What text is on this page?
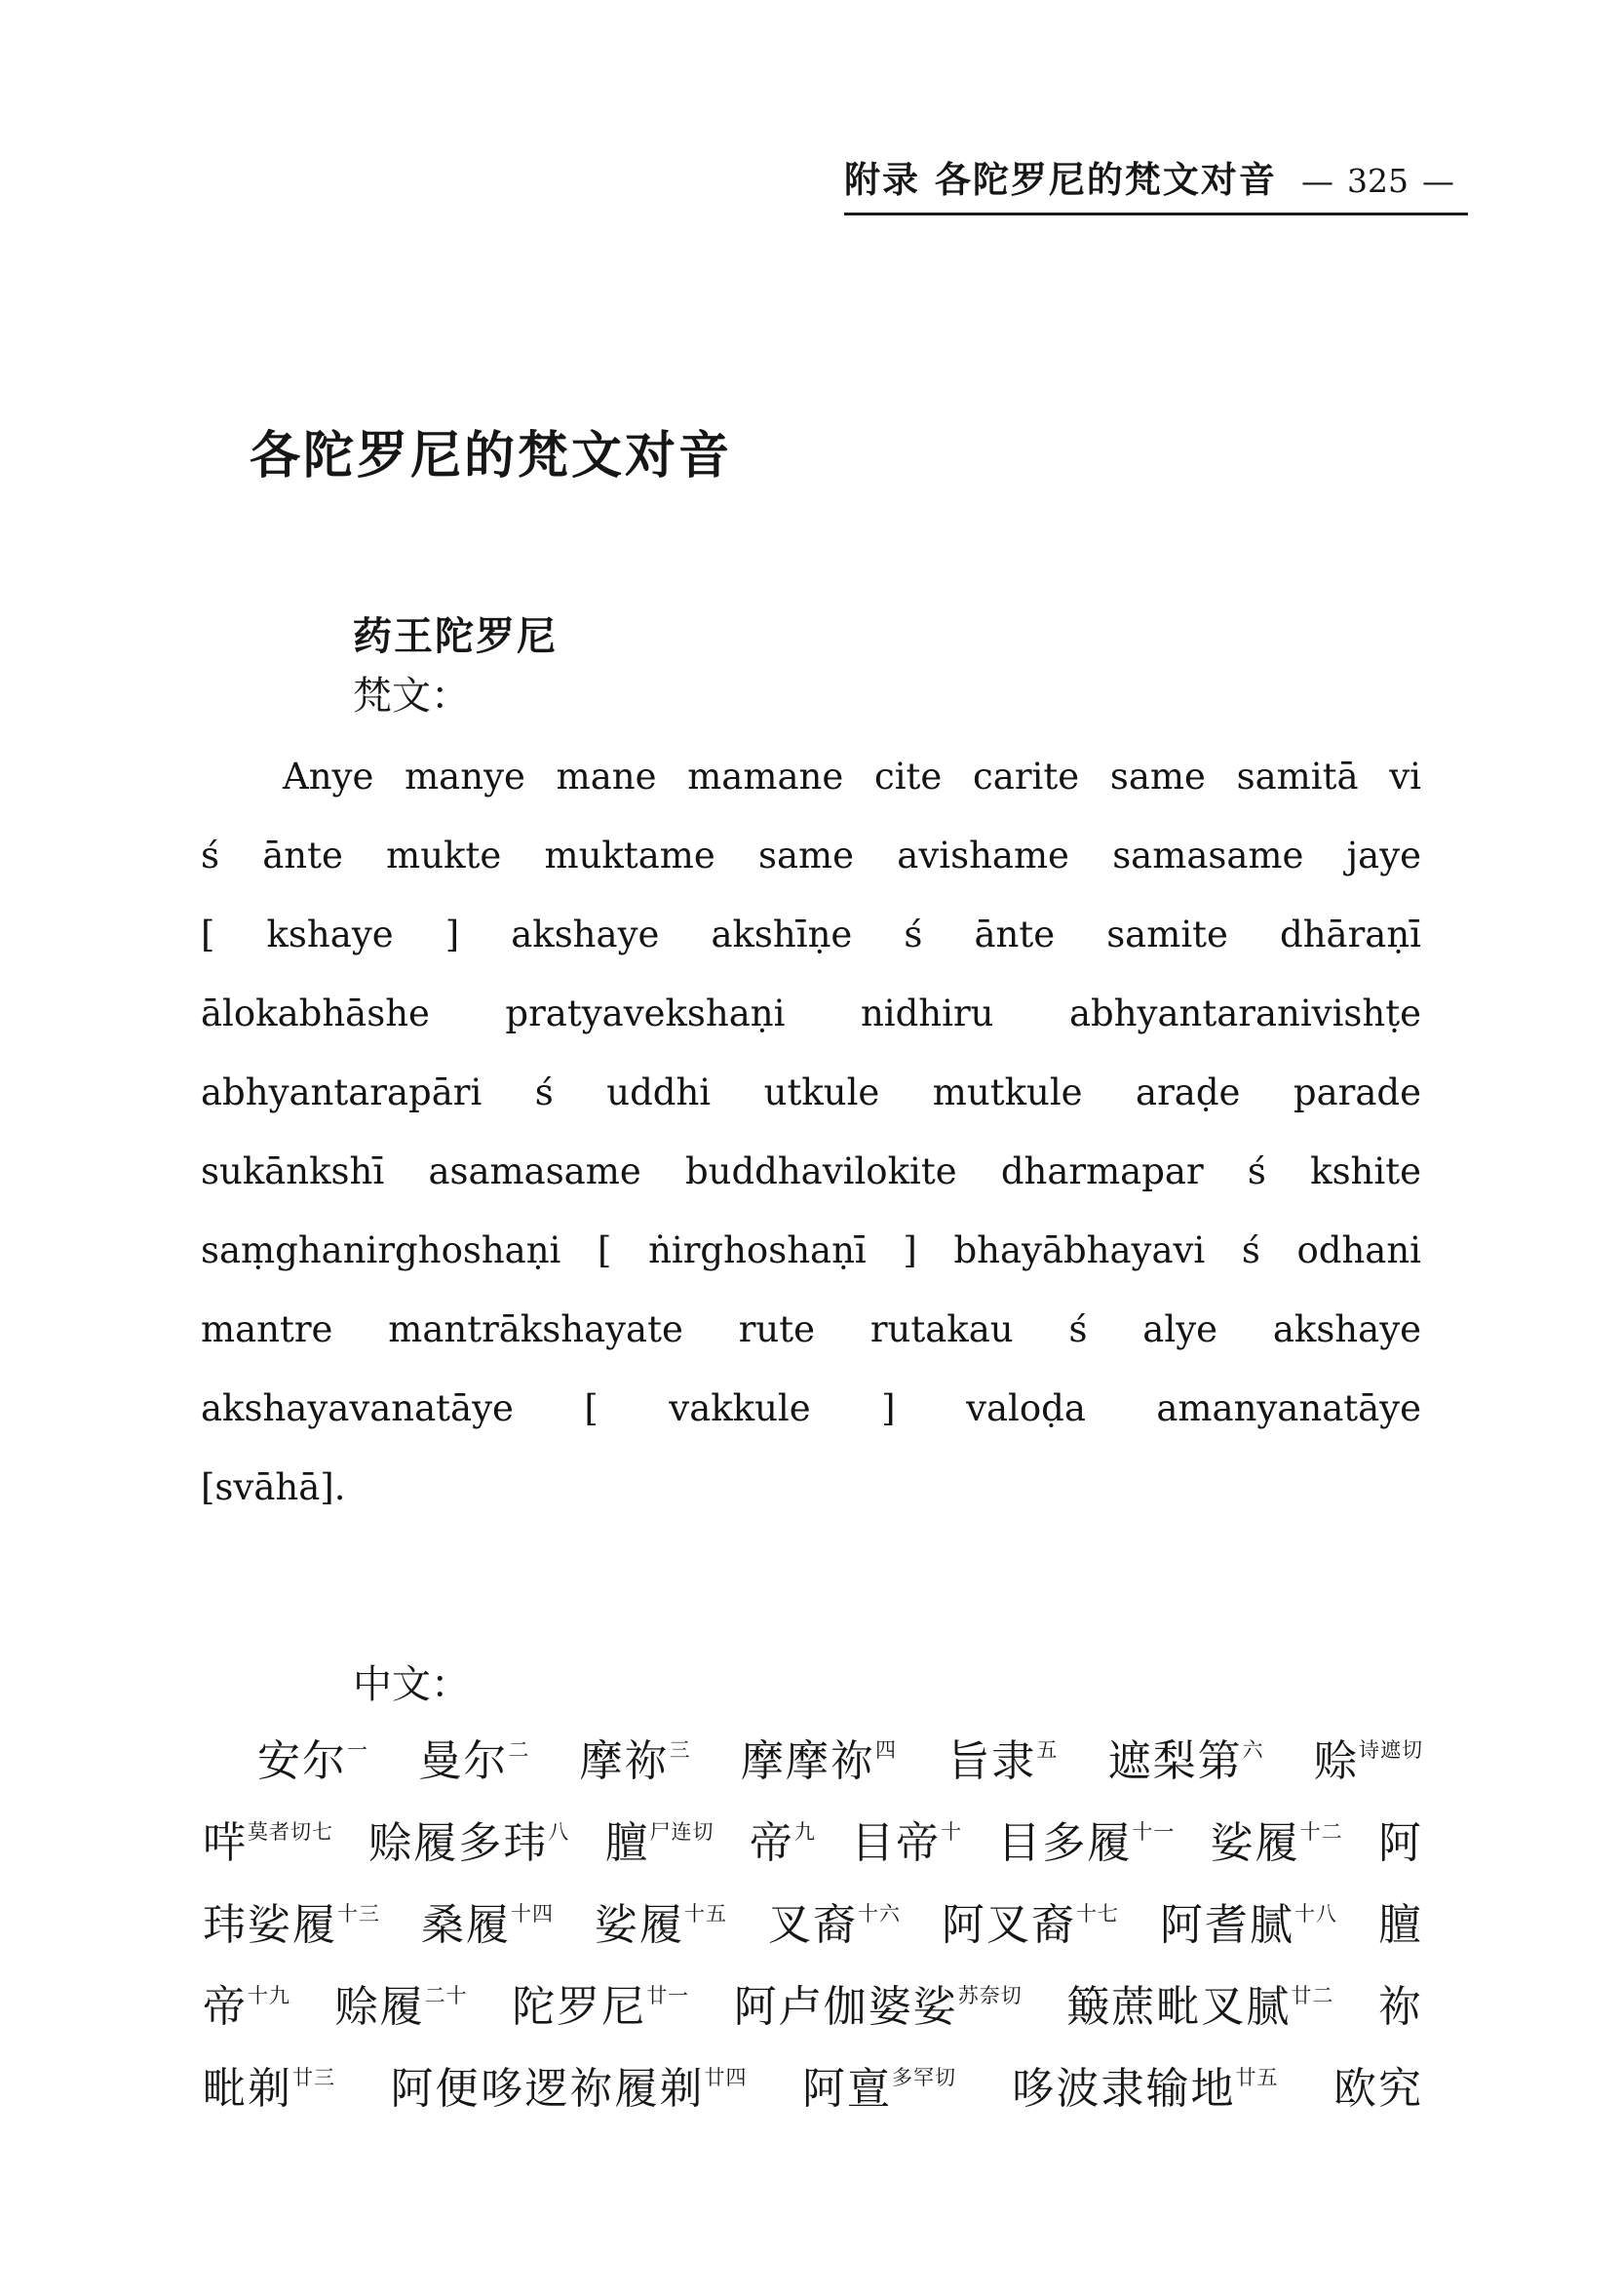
附录 各陀罗尼的梵文对音 — 325 —
各陀罗尼的梵文对音
药王陀罗尼
梵文：
Anye manye mane mamane cite carite same samitā vi
ś ānte mukte muktame same avishame samasame jaye
[ kshaye ] akshaye akshīṇe ś ānte samite dhāraṇī
ālokabhāshe pratyavekshaṇi nidhiru abhyantaranivishṭe
abhyantarapāri ś uddhi utkule mutkule araḍe parade
sukānkshī asamasame buddhavilokite dharmapar ś kshite
saṃghanirghoshaṇi [ ṅirghoshaṇī ] bhayābhayavi ś odhani
mantre mantrākshayate rute rutakau ś alye akshaye
akshayavanatāye [ vakkule ] valoḍa amanyanatāye
[svāhā].
中文：
安尔 一 曼尔 二 摩祢 三 摩摩祢 四 旨隶 五 遮梨第 六 赊 诗遮切
哶 莫者切七 赊履多玮 八 膻 尸连切 帝 九 目帝 十 目多履 十一 娑履 十二 阿
玮娑履 十三 桑履 十四 娑履 十五 叉裔 十六 阿叉裔 十七 阿耆腻 十八 膻
帝 十九 赊履 二十 陀罗尼 廿一 阿卢伽婆娑 苏奈切 簸蔗毗叉腻 廿二 祢
毗剃 廿三 阿便哆逻祢履剃 廿四 阿亶 多罕切 哆波隶输地 廿五 欧究
